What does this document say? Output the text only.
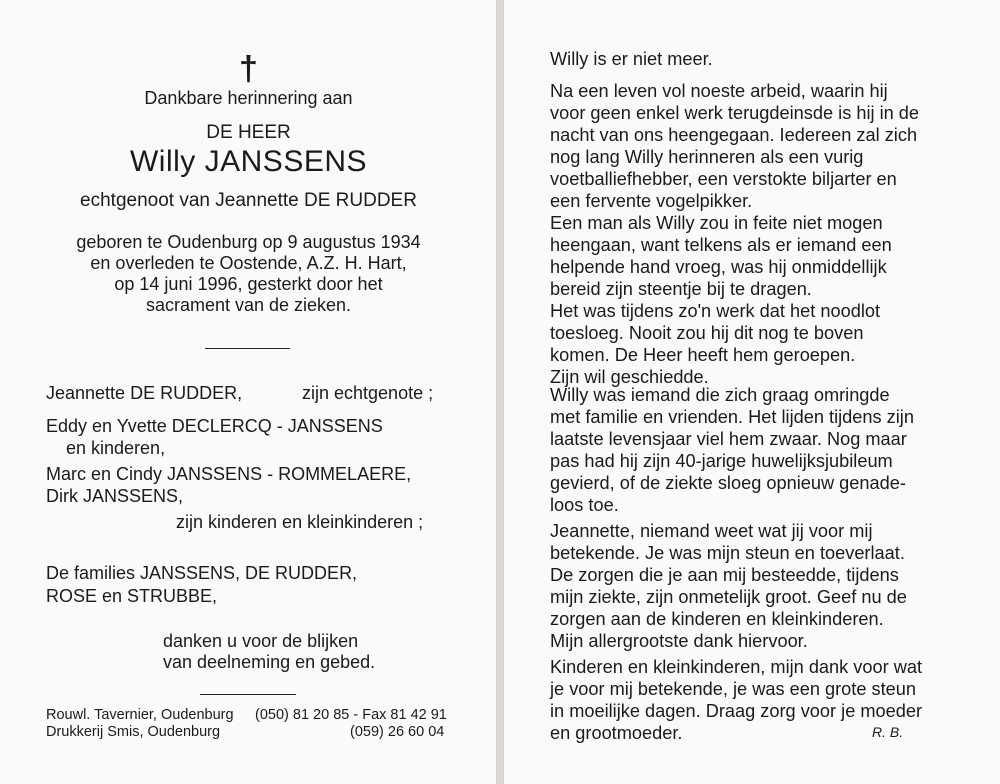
†
Dankbare herinnering aan
DE HEER
Willy JANSSENS
echtgenoot van Jeannette DE RUDDER
geboren te Oudenburg op 9 augustus 1934
en overleden te Oostende, A.Z. H. Hart,
op 14 juni 1996, gesterkt door het
sacrament van de zieken.
Jeannette DE RUDDER,	zijn echtgenote ;
Eddy en Yvette DECLERCQ - JANSSENS
en kinderen,
Marc en Cindy JANSSENS - ROMMELAERE,
Dirk JANSSENS,
zijn kinderen en kleinkinderen ;
De families JANSSENS, DE RUDDER,
ROSE en STRUBBE,
danken u voor de blijken
van deelneming en gebed.
Rouwl. Tavernier, Oudenburg (050) 81 20 85 - Fax 81 42 91
Drukkerij Smis, Oudenburg	(059) 26 60 04
Willy is er niet meer.
Na een leven vol noeste arbeid, waarin hij
voor geen enkel werk terugdeinsde is hij in de
nacht van ons heengegaan. Iedereen zal zich
nog lang Willy herinneren als een vurig
voetballiefhebber, een verstokte biljarter en
een fervente vogelpikker.
Een man als Willy zou in feite niet mogen
heengaan, want telkens als er iemand een
helpende hand vroeg, was hij onmiddellijk
bereid zijn steentje bij te dragen.
Het was tijdens zo'n werk dat het noodlot
toesloeg. Nooit zou hij dit nog te boven
komen. De Heer heeft hem geroepen.
Zijn wil geschiedde.
Willy was iemand die zich graag omringde
met familie en vrienden. Het lijden tijdens zijn
laatste levensjaar viel hem zwaar. Nog maar
pas had hij zijn 40-jarige huwelijksjubileum
gevierd, of de ziekte sloeg opnieuw genade-
loos toe.
Jeannette, niemand weet wat jij voor mij
betekende. Je was mijn steun en toeverlaat.
De zorgen die je aan mij besteedde, tijdens
mijn ziekte, zijn onmetelijk groot. Geef nu de
zorgen aan de kinderen en kleinkinderen.
Mijn allergrootste dank hiervoor.
Kinderen en kleinkinderen, mijn dank voor wat
je voor mij betekende, je was een grote steun
in moeilijke dagen. Draag zorg voor je moeder
en grootmoeder.	R. B.
